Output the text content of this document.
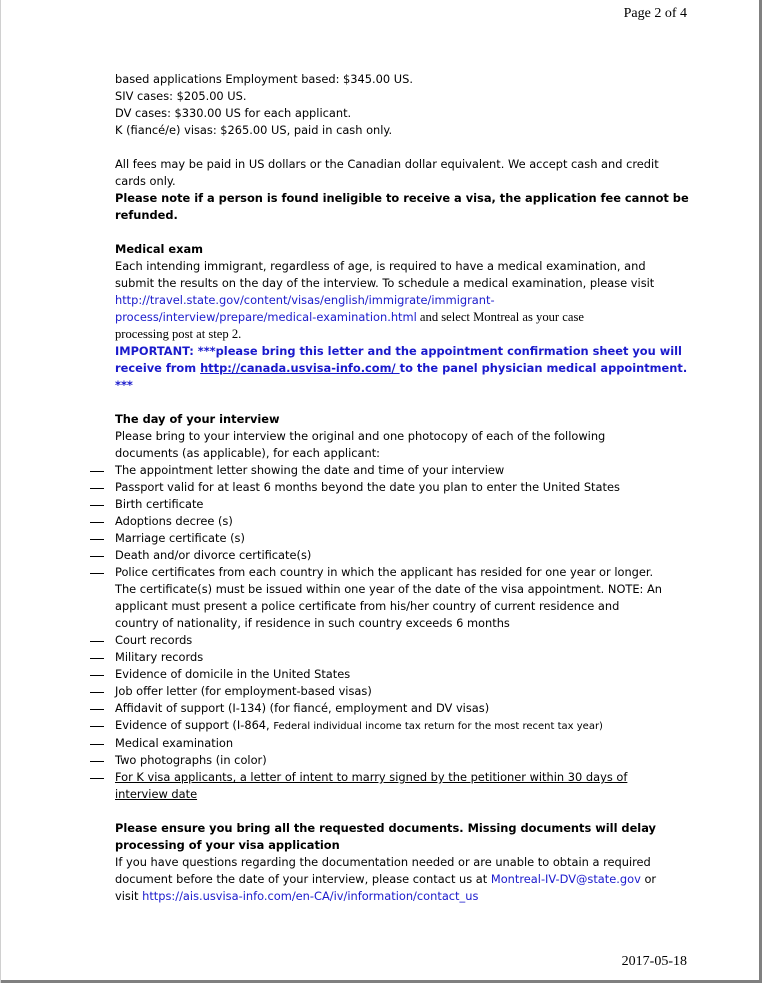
Page 2 of 4
based applications Employment based: $345.00 US.
SIV cases: $205.00 US.
DV cases: $330.00 US for each applicant.
K (fiancé/e) visas: $265.00 US, paid in cash only.
All fees may be paid in US dollars or the Canadian dollar equivalent. We accept cash and credit
cards only.
Please note if a person is found ineligible to receive a visa, the application fee cannot be
refunded.
Medical exam
Each intending immigrant, regardless of age, is required to have a medical examination, and
submit the results on the day of the interview. To schedule a medical examination, please visit
http://travel.state.gov/content/visas/english/immigrate/immigrant-
process/interview/prepare/medical-examination.html and select Montreal as your case
processing post at step 2.
IMPORTANT: ***please bring this letter and the appointment confirmation sheet you will
receive from http://canada.usvisa-info.com/ to the panel physician medical appointment.
***
The day of your interview
Please bring to your interview the original and one photocopy of each of the following
documents (as applicable), for each applicant:
The appointment letter showing the date and time of your interview
Passport valid for at least 6 months beyond the date you plan to enter the United States
Birth certificate
Adoptions decree (s)
Marriage certificate (s)
Death and/or divorce certificate(s)
Police certificates from each country in which the applicant has resided for one year or longer.
The certificate(s) must be issued within one year of the date of the visa appointment. NOTE: An
applicant must present a police certificate from his/her country of current residence and
country of nationality, if residence in such country exceeds 6 months
Court records
Military records
Evidence of domicile in the United States
Job offer letter (for employment-based visas)
Affidavit of support (I-134) (for fiancé, employment and DV visas)
Evidence of support (I-864, Federal individual income tax return for the most recent tax year)
Medical examination
Two photographs (in color)
For K visa applicants, a letter of intent to marry signed by the petitioner within 30 days of
interview date
Please ensure you bring all the requested documents. Missing documents will delay
processing of your visa application
If you have questions regarding the documentation needed or are unable to obtain a required
document before the date of your interview, please contact us at Montreal-IV-DV@state.gov or
visit https://ais.usvisa-info.com/en-CA/iv/information/contact_us
2017-05-18
